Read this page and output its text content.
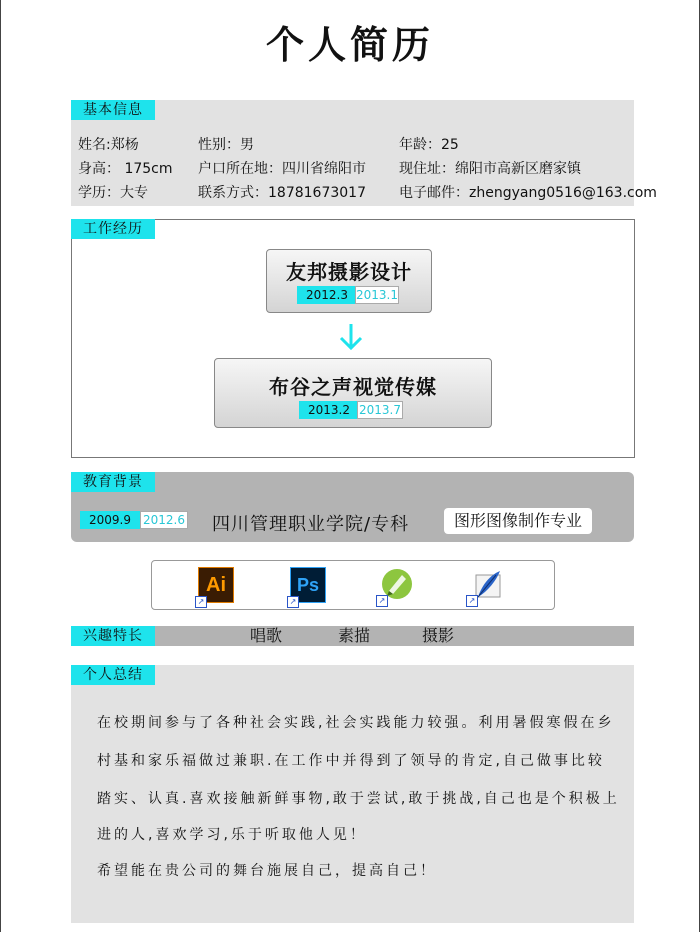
个人简历
基本信息
姓名:郑杨	性别：男	年龄：25
身高： 175cm 户口所在地：四川省绵阳市 现住址：绵阳市高新区磨家镇
学历：大专	联系方式：18781673017 电子邮件：zhengyang0516@163.com
工作经历
友邦摄影设计
2012.3 2013.1
布谷之声视觉传媒
2013.2 2013.7
教育背景
2009.9	2012.6 四川管理职业学院/专科	图形图像制作专业
Ai
↗
Ps
↗	↗	↗
兴趣特长	唱歌	素描	摄影
个人总结
在校期间参与了各种社会实践,社会实践能力较强。利用暑假寒假在乡
村基和家乐福做过兼职.在工作中并得到了领导的肯定,自己做事比较
踏实、认真.喜欢接触新鲜事物,敢于尝试,敢于挑战,自己也是个积极上
进的人,喜欢学习,乐于听取他人见！
希望能在贵公司的舞台施展自己，提高自己！
